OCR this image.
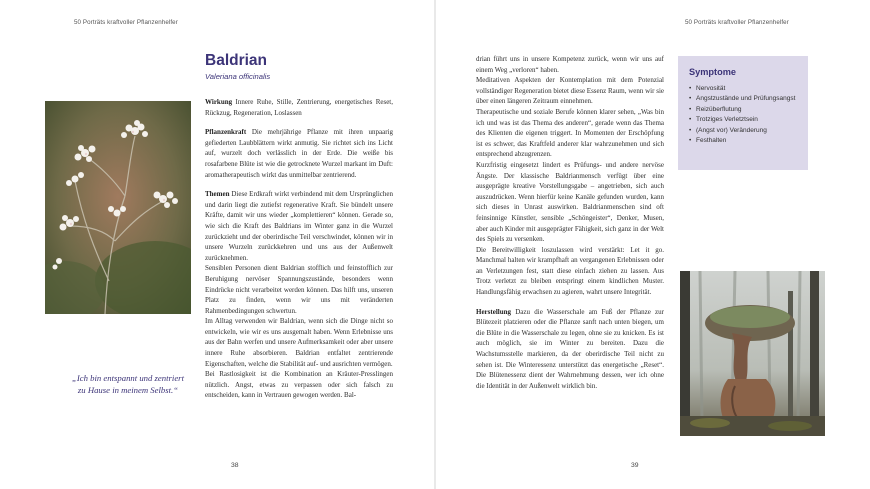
50 Porträts kraftvoller Pflanzenhelfer
„Ich bin entspannt und zentriert zu Hause in meinem Selbst.“
Baldrian
Valeriana officinalis

Wirkung Innere Ruhe, Stille, Zentrierung, energetisches Reset, Rückzug, Regeneration, Loslassen

Pflanzenkraft Die mehrjährige Pflanze mit ihren unpaarig gefiederten Laubblättern wirkt anmutig. Sie richtet sich ins Licht auf, wurzelt doch verlässlich in der Erde. Die weiße bis rosafarbene Blüte ist wie die getrocknete Wurzel markant im Duft: aromatherapeutisch wirkt das unmittelbar zentrierend.

Themen Diese Erdkraft wirkt verbindend mit dem Ursprünglichen und darin liegt die zutiefst regenerative Kraft. Sie bündelt unsere Kräfte, damit wir uns wieder „komplettieren“ können. Gerade so, wie sich die Kraft des Baldrians im Winter ganz in die Wurzel zurückzieht und der oberirdische Teil verschwindet, können wir in unsere Wurzeln zurückkehren und uns aus der Außenwelt zurücknehmen.

Sensiblen Personen dient Baldrian stofflich und feinstofflich zur Beruhigung nervöser Spannungszustände, besonders wenn Eindrücke nicht verarbeitet werden können. Das hilft uns, unseren Platz zu finden, wenn wir uns mit veränderten Rahmenbedingungen schwertun.

Im Alltag verwenden wir Baldrian, wenn sich die Dinge nicht so entwickeln, wie wir es uns ausgemalt haben. Wenn Erlebnisse uns aus der Bahn werfen und unsere Aufmerksamkeit oder aber unsere innere Ruhe absorbieren. Baldrian entfaltet zentrierende Eigenschaften, welche die Stabilität auf- und ausrichten vermögen.

Bei Rastlosigkeit ist die Kombination an Kräuter-Presslingen nützlich. Angst, etwas zu verpassen oder sich falsch zu entscheiden, kann in Vertrauen gewogen werden. Bal-

38
50 Porträts kraftvoller Pflanzenhelfer

drian führt uns in unsere Kompetenz zurück, wenn wir uns auf einem Weg „verloren“ haben.

Meditativen Aspekten der Kontemplation mit dem Potenzial vollständiger Regeneration bietet diese Essenz Raum, wenn wir sie über einen längeren Zeitraum einnehmen.

Therapeutische und soziale Berufe können klarer sehen, „Was bin ich und was ist das Thema des anderen“, gerade wenn das Thema des Klienten die eigenen triggert. In Momenten der Erschöpfung ist es schwer, das Kraftfeld anderer klar wahrzunehmen und sich entsprechend abzugrenzen.

Kurzfristig eingesetzt lindert es Prüfungs- und andere nervöse Ängste. Der klassische Baldrianmensch verfügt über eine ausgeprägte kreative Vorstellungsgabe – angetrieben, sich auch auszudrücken. Wenn hierfür keine Kanäle gefunden wurden, kann sich dieses in Unrast auswirken. Baldrianmenschen sind oft feinsinnige Künstler, sensible „Schöngeister“, Denker, Musen, aber auch Kinder mit ausgeprägter Fähigkeit, sich ganz in der Welt des Spiels zu versenken.

Die Bereitwilligkeit loszulassen wird verstärkt: Let it go. Manchmal halten wir krampfhaft an vergangenen Erlebnissen oder an Verletzungen fest, statt diese einfach ziehen zu lassen. Aus Trotz verletzt zu bleiben entspringt einem kindlichen Muster. Handlungsfähig erwachsen zu agieren, wahrt unsere Integrität.

Herstellung Dazu die Wasserschale am Fuß der Pflanze zur Blütezeit platzieren oder die Pflanze sanft nach unten biegen, um die Blüte in die Wasserschale zu legen, ohne sie zu knicken. Es ist auch möglich, sie im Winter zu bereiten. Dazu die Wachstumsstelle markieren, da der oberirdische Teil nicht zu sehen ist. Die Winteressenz unterstützt das energetische „Reset“. Die Blütenessenz dient der Wahrnehmung dessen, wer ich ohne die Identität in der Außenwelt wirklich bin.

Symptome
• Nervosität
• Angstzustände und Prüfungsangst
• Reizüberflutung
• Trotziges Verletztsein
• (Angst vor) Veränderung
• Festhalten
39
